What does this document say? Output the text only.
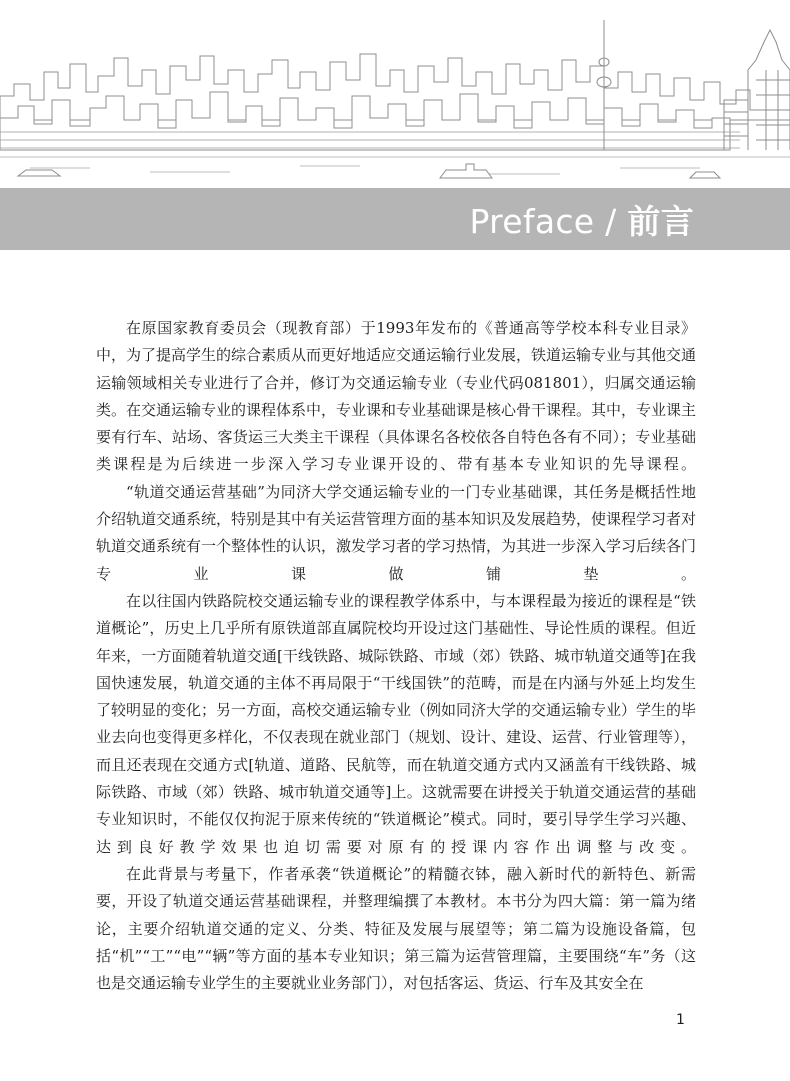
Preface / 前言

在原国家教育委员会（现教育部）于1993年发布的《普通高等学校本科专业目录》中，为了提高学生的综合素质从而更好地适应交通运输行业发展，铁道运输专业与其他交通运输领域相关专业进行了合并，修订为交通运输专业（专业代码081801），归属交通运输类。在交通运输专业的课程体系中，专业课和专业基础课是核心骨干课程。其中，专业课主要有行车、站场、客货运三大类主干课程（具体课名各校依各自特色各有不同）；专业基础类课程是为后续进一步深入学习专业课开设的、带有基本专业知识的先导课程。

“轨道交通运营基础”为同济大学交通运输专业的一门专业基础课，其任务是概括性地介绍轨道交通系统，特别是其中有关运营管理方面的基本知识及发展趋势，使课程学习者对轨道交通系统有一个整体性的认识，激发学习者的学习热情，为其进一步深入学习后续各门专业课做铺垫。

在以往国内铁路院校交通运输专业的课程教学体系中，与本课程最为接近的课程是“铁道概论”，历史上几乎所有原铁道部直属院校均开设过这门基础性、导论性质的课程。但近年来，一方面随着轨道交通[干线铁路、城际铁路、市域（郊）铁路、城市轨道交通等]在我国快速发展，轨道交通的主体不再局限于“干线国铁”的范畴，而是在内涵与外延上均发生了较明显的变化；另一方面，高校交通运输专业（例如同济大学的交通运输专业）学生的毕业去向也变得更多样化，不仅表现在就业部门（规划、设计、建设、运营、行业管理等），而且还表现在交通方式[轨道、道路、民航等，而在轨道交通方式内又涵盖有干线铁路、城际铁路、市域（郊）铁路、城市轨道交通等]上。这就需要在讲授关于轨道交通运营的基础专业知识时，不能仅仅拘泥于原来传统的“铁道概论”模式。同时，要引导学生学习兴趣、达到良好教学效果也迫切需要对原有的授课内容作出调整与改变。

在此背景与考量下，作者承袭“铁道概论”的精髓衣钵，融入新时代的新特色、新需要，开设了轨道交通运营基础课程，并整理编撰了本教材。本书分为四大篇：第一篇为绪论，主要介绍轨道交通的定义、分类、特征及发展与展望等；第二篇为设施设备篇，包括“机”“工”“电”“辆”等方面的基本专业知识；第三篇为运营管理篇，主要围绕“车”务（这也是交通运输专业学生的主要就业业务部门），对包括客运、货运、行车及其安全在

1
